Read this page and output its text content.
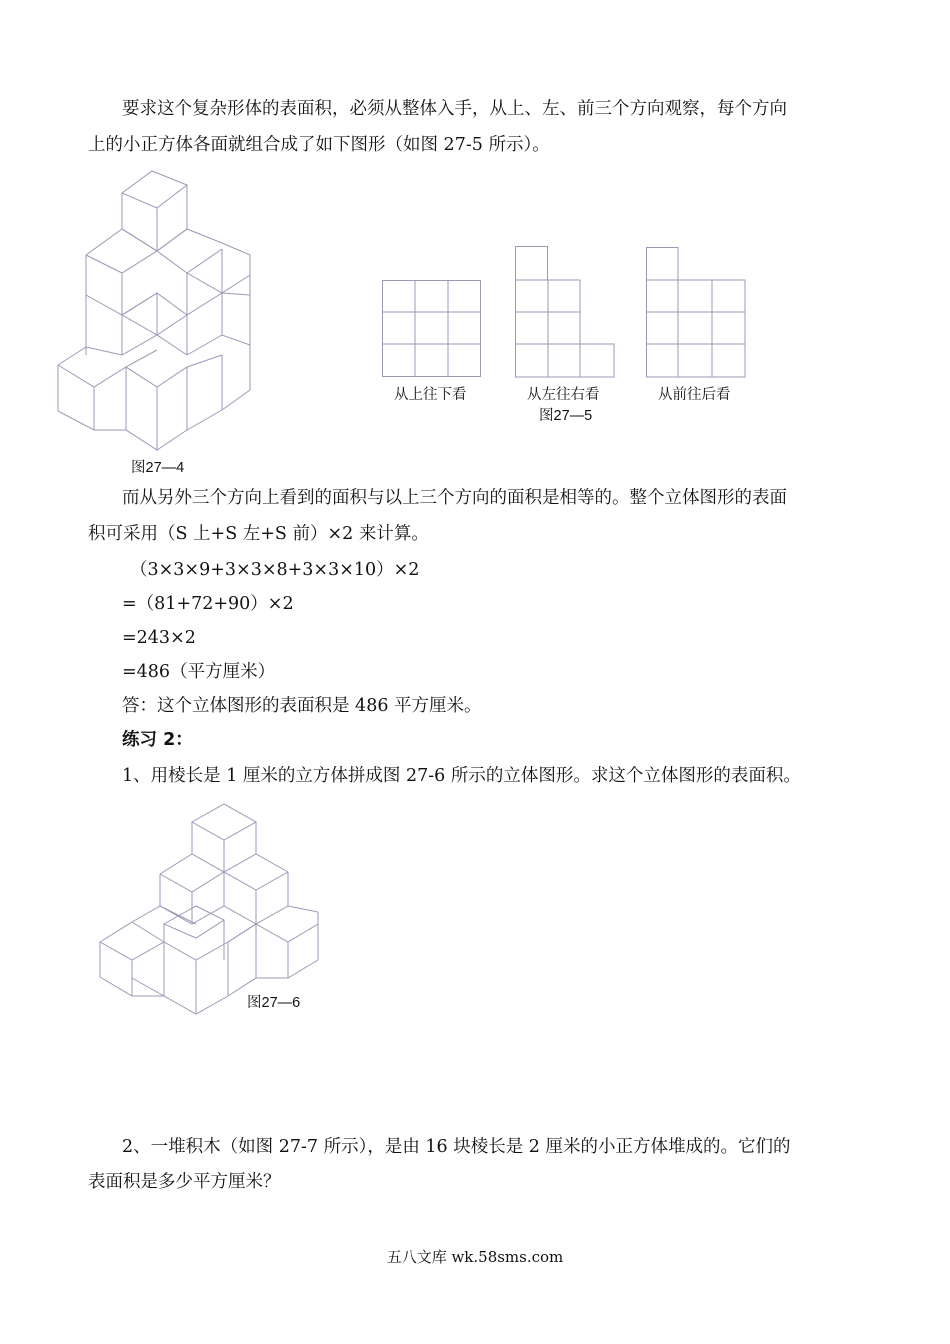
要求这个复杂形体的表面积，必须从整体入手，从上、左、前三个方向观察，每个方向
上的小正方体各面就组合成了如下图形（如图 27-5 所示）。
图27—4
从上往下看	从左往右看
图27—5
从前往后看
而从另外三个方向上看到的面积与以上三个方向的面积是相等的。整个立体图形的表面
积可采用（S 上+S 左+S 前）×2 来计算。
（3×3×9+3×3×8+3×3×10）×2
=（81+72+90）×2
=243×2
=486（平方厘米）
答：这个立体图形的表面积是 486 平方厘米。
练习 2：
1、用棱长是 1 厘米的立方体拼成图 27-6 所示的立体图形。求这个立体图形的表面积。
图27—6
2、一堆积木（如图 27-7 所示），是由 16 块棱长是 2 厘米的小正方体堆成的。它们的
表面积是多少平方厘米？
五八文库 wk.58sms.com
